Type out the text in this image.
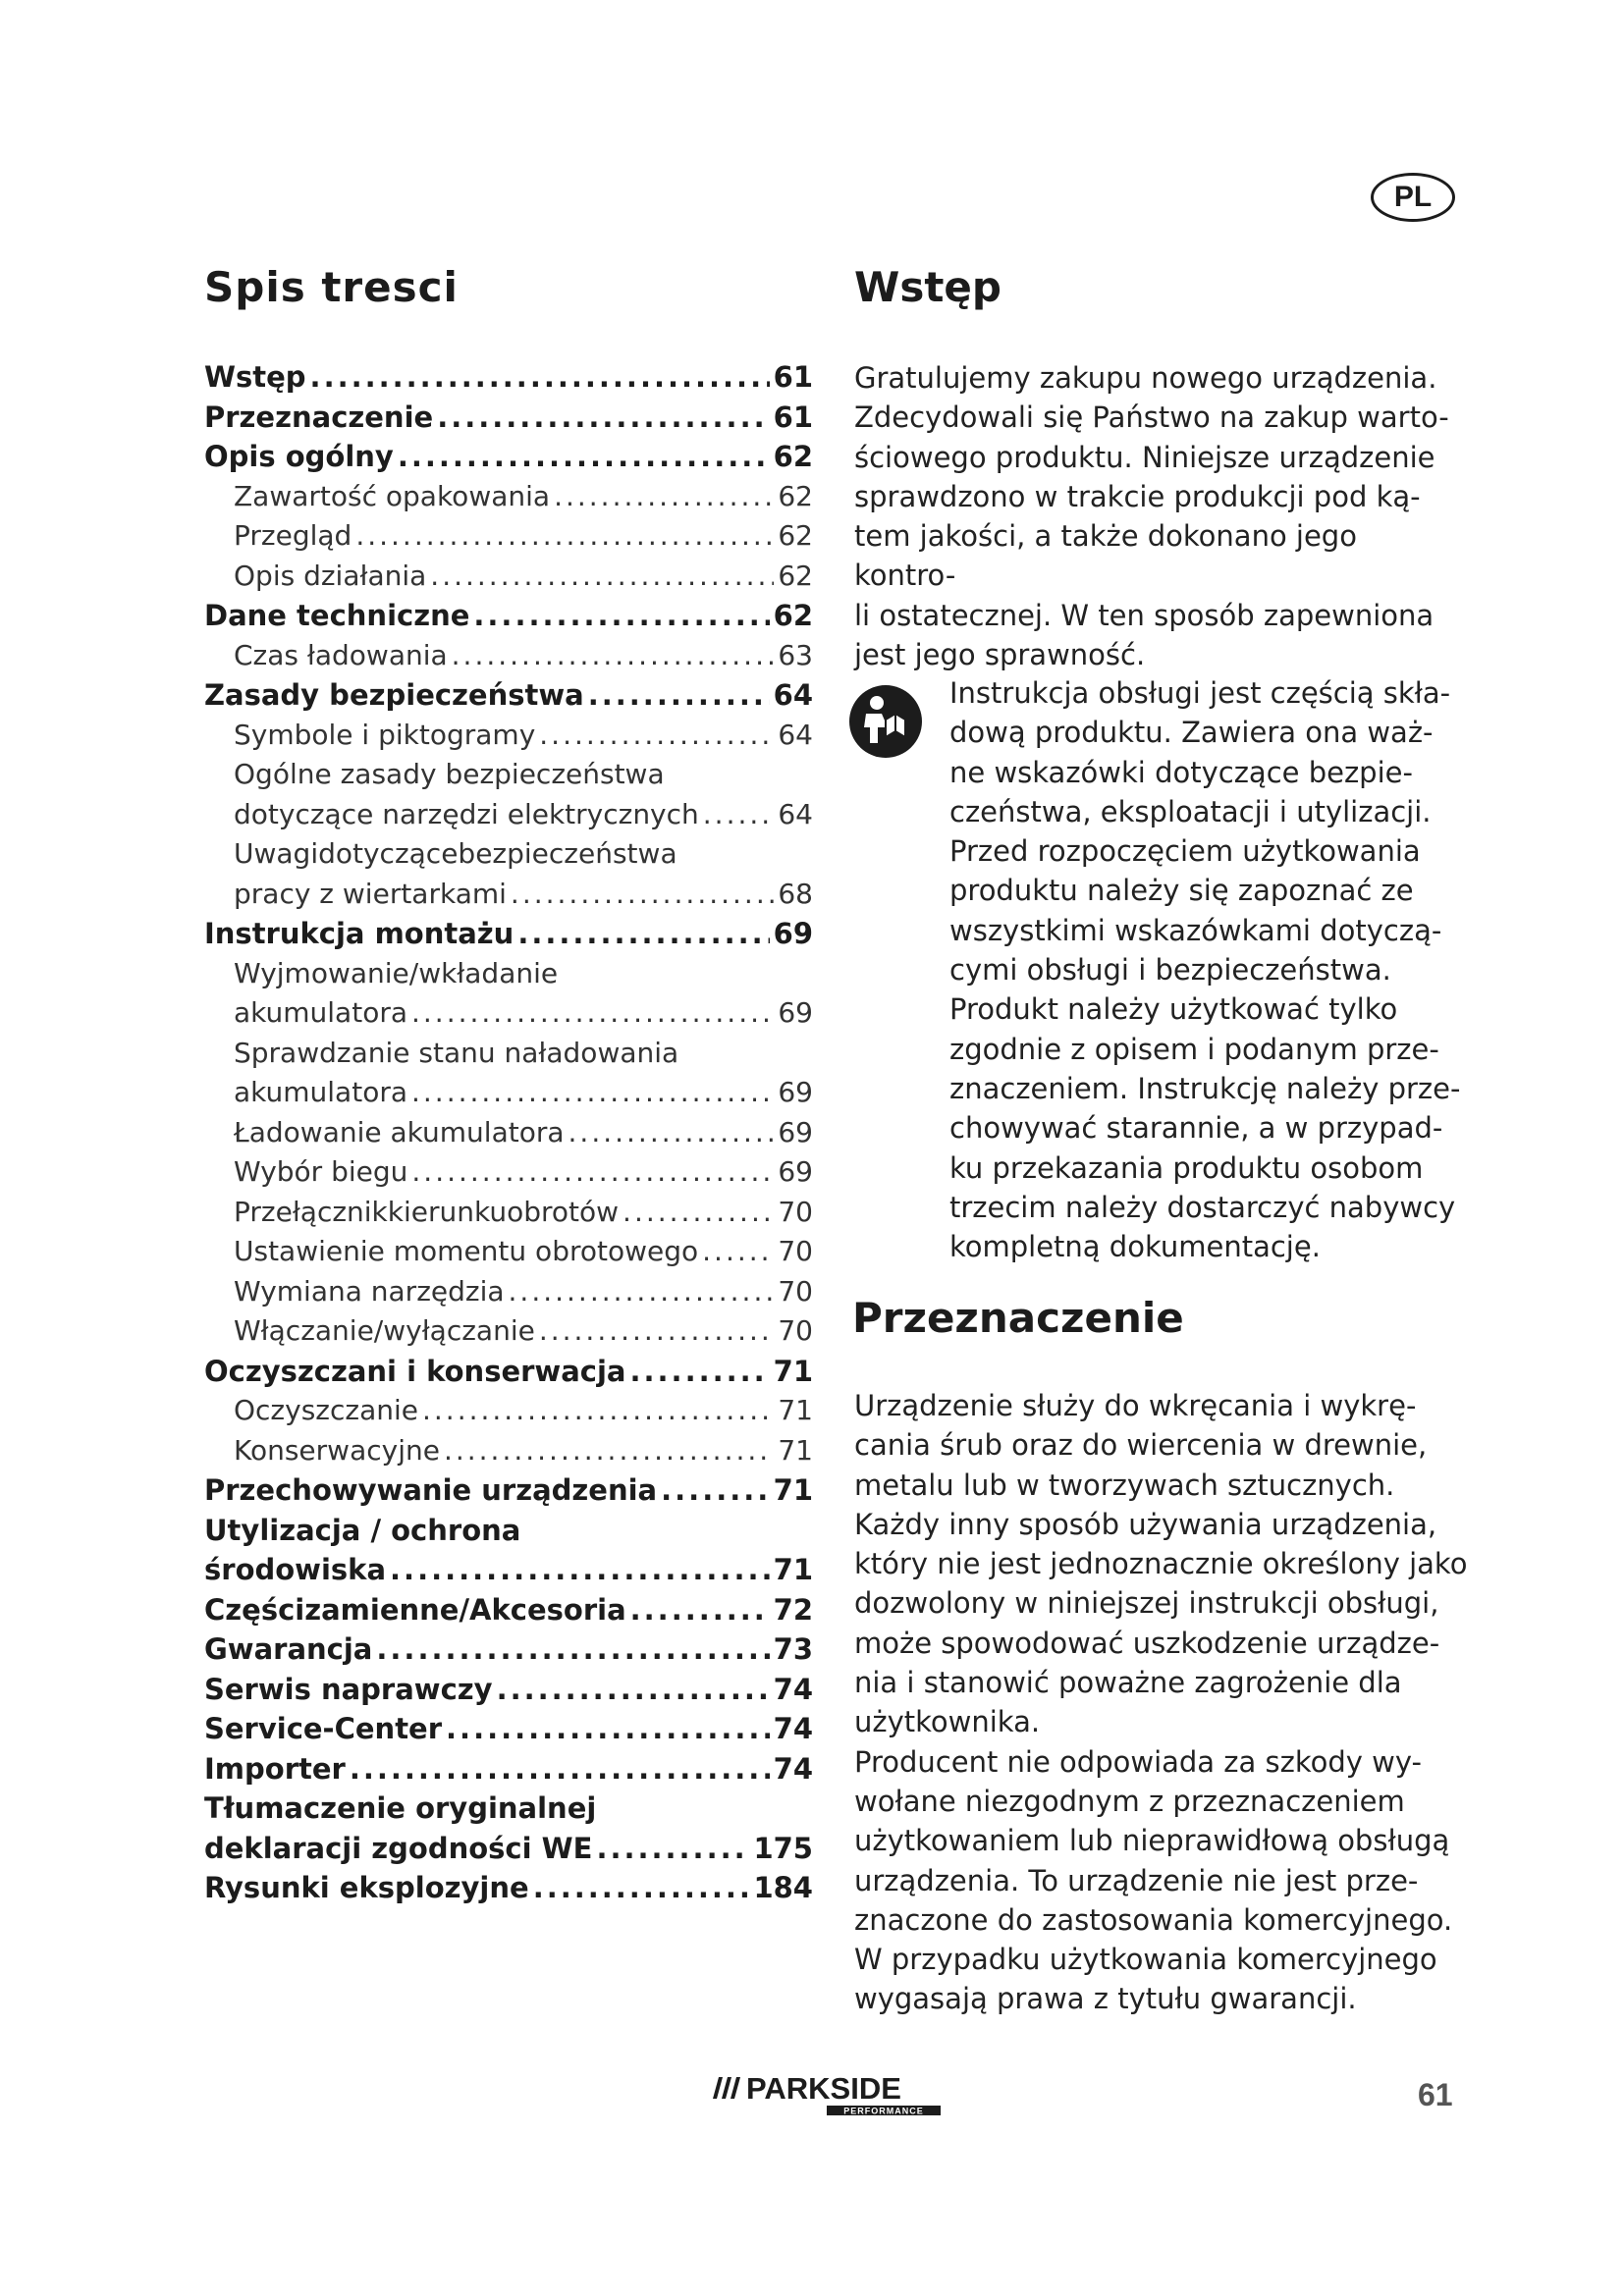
PL
Spis tresci
Wstęp .....	61
Przeznaczenie .....	61
Opis ogólny .....	62
Zawartość opakowania .....	62
Przegląd .....	62
Opis działania .....	62
Dane techniczne .....	62
Czas ładowania .....	63
Zasady bezpieczeństwa .....	64
Symbole i piktogramy .....	64
Ogólne zasady bezpieczeństwa
dotyczące narzędzi elektrycznych .....	64
Uwagidotyczącebezpieczeństwa
pracy z wiertarkami .....	68
Instrukcja montażu .....	69
Wyjmowanie/wkładanie
akumulatora .....	69
Sprawdzanie stanu naładowania
akumulatora .....	69
Ładowanie akumulatora .....	69
Wybór biegu .....	69
Przełącznikkierunkuobrotów .....	70
Ustawienie momentu obrotowego .....	70
Wymiana narzędzia .....	70
Włączanie/wyłączanie .....	70
Oczyszczani i konserwacja .....	71
Oczyszczanie .....	71
Konserwacyjne .....	71
Przechowywanie urządzenia .....	71
Utylizacja / ochrona
środowiska .....	71
Częścizamienne/Akcesoria .....	72
Gwarancja .....	73
Serwis naprawczy .....	74
Service-Center .....	74
Importer .....	74
Tłumaczenie oryginalnej
deklaracji zgodności WE .....	175
Rysunki eksplozyjne .....	184
Wstęp

Gratulujemy zakupu nowego urządzenia.
Zdecydowali się Państwo na zakup warto-
ściowego produktu. Niniejsze urządzenie
sprawdzono w trakcie produkcji pod ką-
tem jakości, a także dokonano jego kontro-
li ostatecznej. W ten sposób zapewniona
jest jego sprawność.

Instrukcja obsługi jest częścią skła-
dową produktu. Zawiera ona waż-
ne wskazówki dotyczące bezpie-
czeństwa, eksploatacji i utylizacji.
Przed rozpoczęciem użytkowania
produktu należy się zapoznać ze
wszystkimi wskazówkami dotyczą-
cymi obsługi i bezpieczeństwa.
Produkt należy użytkować tylko
zgodnie z opisem i podanym prze-
znaczeniem. Instrukcję należy prze-
chowywać starannie, a w przypad-
ku przekazania produktu osobom
trzecim należy dostarczyć nabywcy
kompletną dokumentację.

Przeznaczenie

Urządzenie służy do wkręcania i wykrę-
cania śrub oraz do wiercenia w drewnie,
metalu lub w tworzywach sztucznych.
Każdy inny sposób używania urządzenia,
który nie jest jednoznacznie określony jako
dozwolony w niniejszej instrukcji obsługi,
może spowodować uszkodzenie urządze-
nia i stanowić poważne zagrożenie dla
użytkownika.
Producent nie odpowiada za szkody wy-
wołane niezgodnym z przeznaczeniem
użytkowaniem lub nieprawidłową obsługą
urządzenia. To urządzenie nie jest prze-
znaczone do zastosowania komercyjnego.
W przypadku użytkowania komercyjnego
wygasają prawa z tytułu gwarancji.

PARKSIDE
PERFORMANCE	61
